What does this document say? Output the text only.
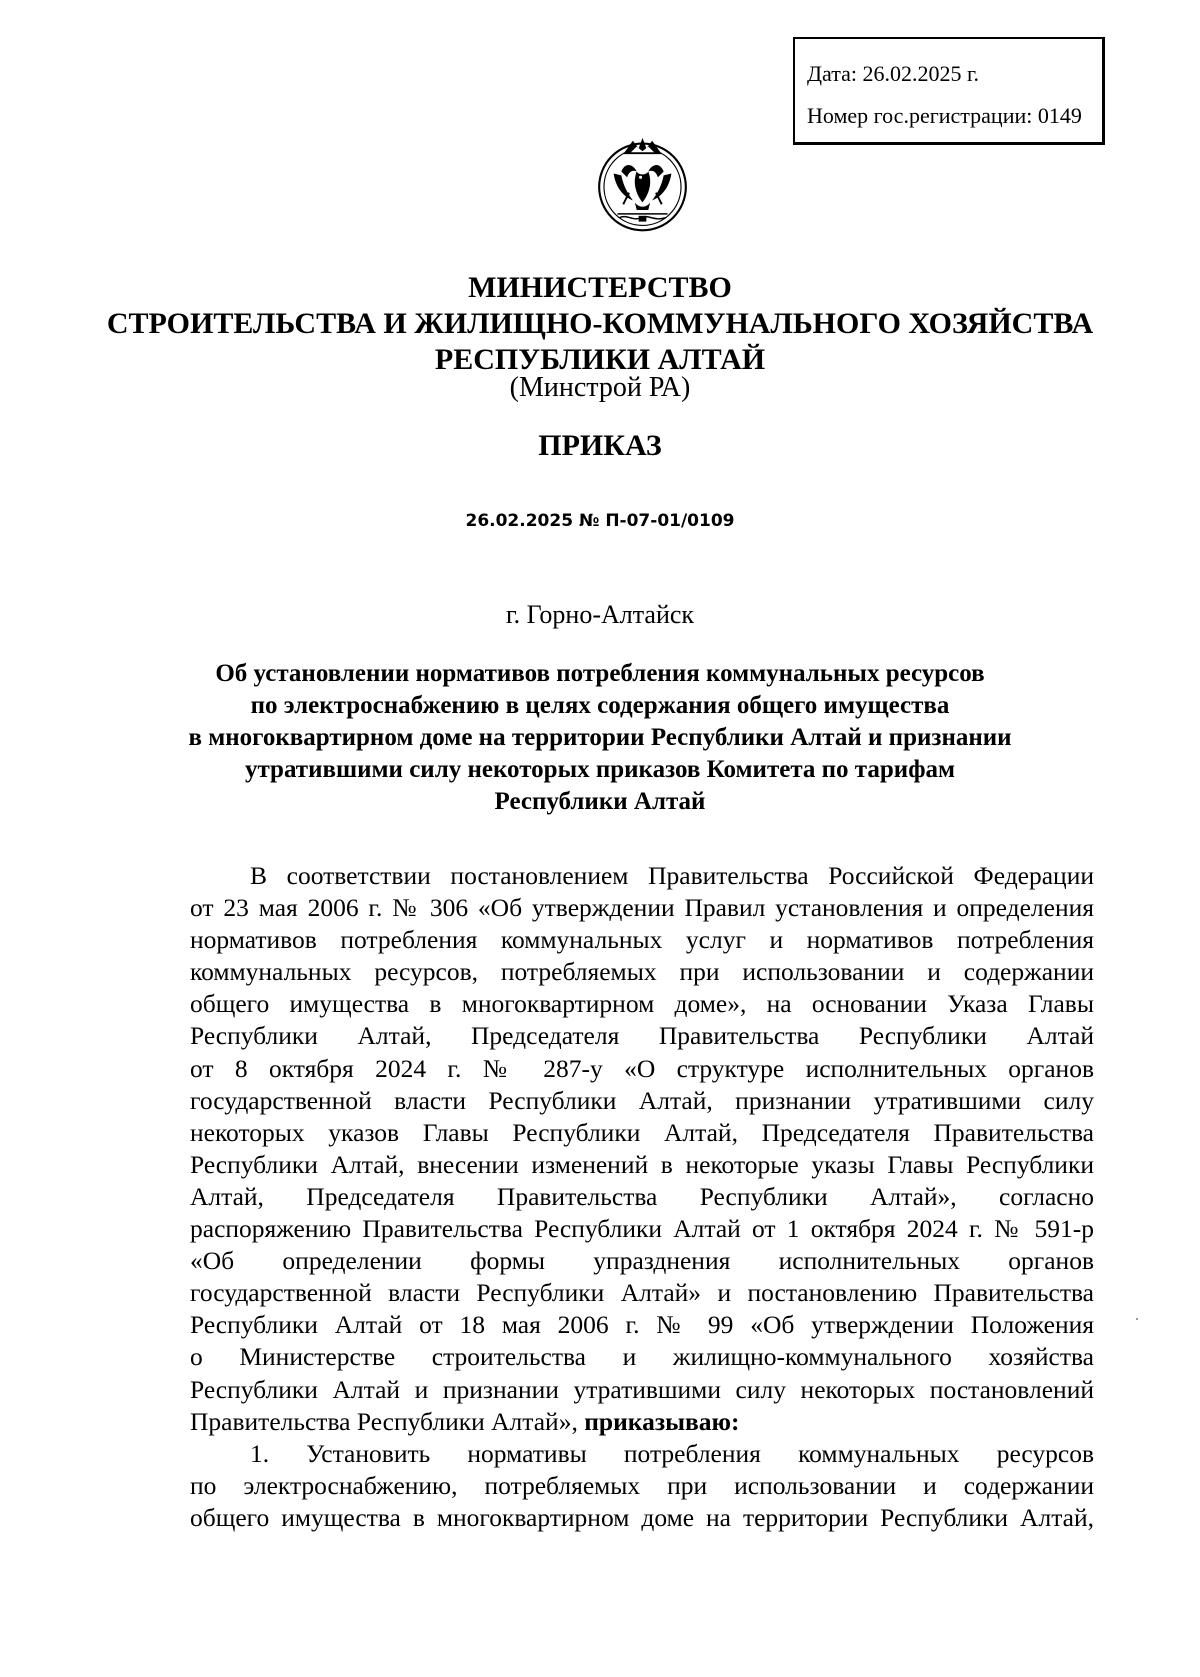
Дата: 26.02.2025 г.
Номер гос.регистрации: 0149
МИНИСТЕРСТВО
СТРОИТЕЛЬСТВА И ЖИЛИЩНО-КОММУНАЛЬНОГО ХОЗЯЙСТВА
РЕСПУБЛИКИ АЛТАЙ
(Минстрой РА)
ПРИКАЗ
26.02.2025 № П-07-01/0109
г. Горно-Алтайск
Об установлении нормативов потребления коммунальных ресурсов
по электроснабжению в целях содержания общего имущества
в многоквартирном доме на территории Республики Алтай и признании
утратившими силу некоторых приказов Комитета по тарифам
Республики Алтай
В соответствии постановлением Правительства Российской Федерации
от 23 мая 2006 г. № 306 «Об утверждении Правил установления и определения
нормативов потребления коммунальных услуг и нормативов потребления
коммунальных ресурсов, потребляемых при использовании и содержании
общего имущества в многоквартирном доме», на основании Указа Главы
Республики Алтай, Председателя Правительства Республики Алтай
от 8 октября 2024 г. № 287-у «О структуре исполнительных органов
государственной власти Республики Алтай, признании утратившими силу
некоторых указов Главы Республики Алтай, Председателя Правительства
Республики Алтай, внесении изменений в некоторые указы Главы Республики
Алтай, Председателя Правительства Республики Алтай», согласно
распоряжению Правительства Республики Алтай от 1 октября 2024 г. № 591-р
«Об определении формы упразднения исполнительных органов
государственной власти Республики Алтай» и постановлению Правительства
Республики Алтай от 18 мая 2006 г. № 99 «Об утверждении Положения
о Министерстве строительства и жилищно-коммунального хозяйства
Республики Алтай и признании утратившими силу некоторых постановлений
Правительства Республики Алтай», приказываю:
1. Установить нормативы потребления коммунальных ресурсов
по электроснабжению, потребляемых при использовании и содержании
общего имущества в многоквартирном доме на территории Республики Алтай,
